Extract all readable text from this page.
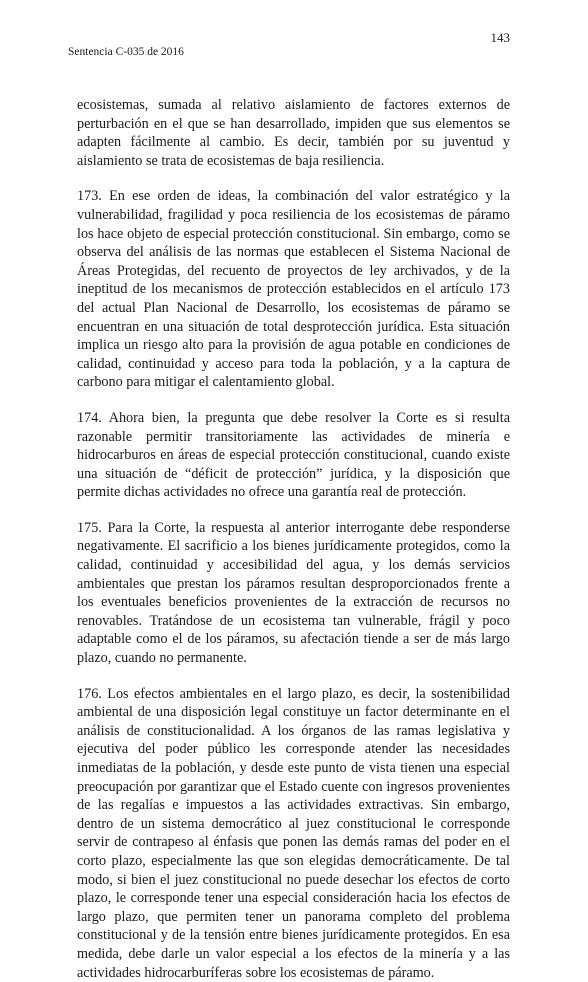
143
Sentencia C-035 de 2016

ecosistemas, sumada al relativo aislamiento de factores externos de perturbación en el que se han desarrollado, impiden que sus elementos se adapten fácilmente al cambio. Es decir, también por su juventud y aislamiento se trata de ecosistemas de baja resiliencia.

173. En ese orden de ideas, la combinación del valor estratégico y la vulnerabilidad, fragilidad y poca resiliencia de los ecosistemas de páramo los hace objeto de especial protección constitucional. Sin embargo, como se observa del análisis de las normas que establecen el Sistema Nacional de Áreas Protegidas, del recuento de proyectos de ley archivados, y de la ineptitud de los mecanismos de protección establecidos en el artículo 173 del actual Plan Nacional de Desarrollo, los ecosistemas de páramo se encuentran en una situación de total desprotección jurídica. Esta situación implica un riesgo alto para la provisión de agua potable en condiciones de calidad, continuidad y acceso para toda la población, y a la captura de carbono para mitigar el calentamiento global.

174. Ahora bien, la pregunta que debe resolver la Corte es si resulta razonable permitir transitoriamente las actividades de minería e hidrocarburos en áreas de especial protección constitucional, cuando existe una situación de “déficit de protección” jurídica, y la disposición que permite dichas actividades no ofrece una garantía real de protección.

175. Para la Corte, la respuesta al anterior interrogante debe responderse negativamente. El sacrificio a los bienes jurídicamente protegidos, como la calidad, continuidad y accesibilidad del agua, y los demás servicios ambientales que prestan los páramos resultan desproporcionados frente a los eventuales beneficios provenientes de la extracción de recursos no renovables. Tratándose de un ecosistema tan vulnerable, frágil y poco adaptable como el de los páramos, su afectación tiende a ser de más largo plazo, cuando no permanente.

176. Los efectos ambientales en el largo plazo, es decir, la sostenibilidad ambiental de una disposición legal constituye un factor determinante en el análisis de constitucionalidad. A los órganos de las ramas legislativa y ejecutiva del poder público les corresponde atender las necesidades inmediatas de la población, y desde este punto de vista tienen una especial preocupación por garantizar que el Estado cuente con ingresos provenientes de las regalías e impuestos a las actividades extractivas. Sin embargo, dentro de un sistema democrático al juez constitucional le corresponde servir de contrapeso al énfasis que ponen las demás ramas del poder en el corto plazo, especialmente las que son elegidas democráticamente. De tal modo, si bien el juez constitucional no puede desechar los efectos de corto plazo, le corresponde tener una especial consideración hacia los efectos de largo plazo, que permiten tener un panorama completo del problema constitucional y de la tensión entre bienes jurídicamente protegidos. En esa medida, debe darle un valor especial a los efectos de la minería y a las actividades hidrocarburíferas sobre los ecosistemas de páramo.
